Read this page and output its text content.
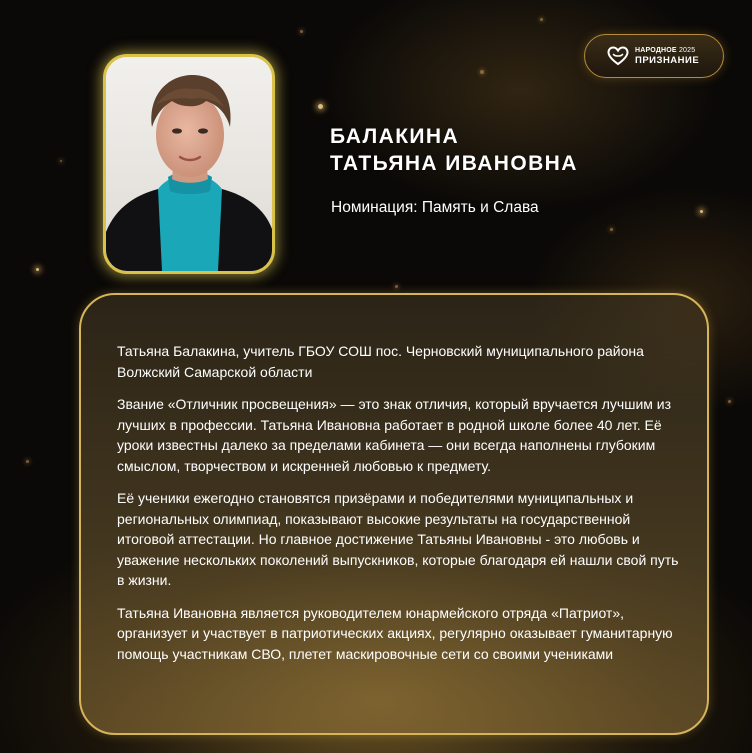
НАРОДНОЕ 2025
ПРИЗНАНИЕ
БАЛАКИНА
ТАТЬЯНА ИВАНОВНА
Номинация: Память и Слава

Татьяна Балакина, учитель ГБОУ СОШ пос. Черновский муниципального района Волжский Самарской области

Звание «Отличник просвещения» — это знак отличия, который вручается лучшим из лучших в профессии. Татьяна Ивановна работает в родной школе более 40 лет. Её уроки известны далеко за пределами кабинета — они всегда наполнены глубоким смыслом, творчеством и искренней любовью к предмету.

Её ученики ежегодно становятся призёрами и победителями муниципальных и региональных олимпиад, показывают высокие результаты на государственной итоговой аттестации. Но главное достижение Татьяны Ивановны - это любовь и уважение нескольких поколений выпускников, которые благодаря ей нашли свой путь в жизни.

Татьяна Ивановна является руководителем юнармейского отряда «Патриот», организует и участвует в патриотических акциях, регулярно оказывает гуманитарную помощь участникам СВО, плетет маскировочные сети со своими учениками
